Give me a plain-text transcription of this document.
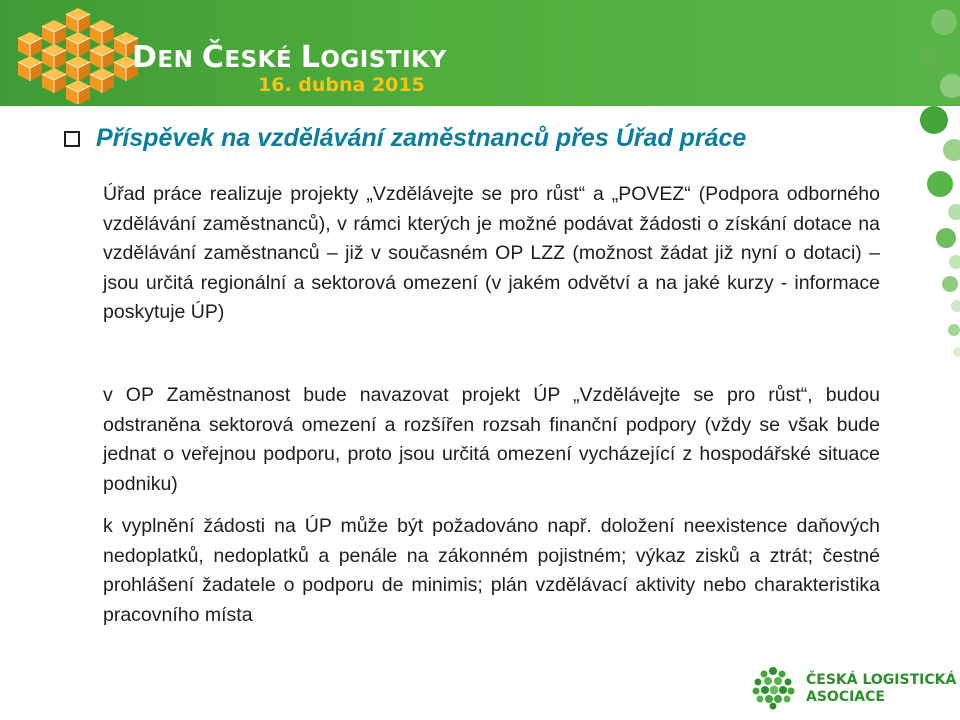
DEN ČESKÉ LOGISTIKY
16. dubna 2015
Příspěvek na vzdělávání zaměstnanců přes Úřad práce

Úřad práce realizuje projekty „Vzdělávejte se pro růst“ a „POVEZ“ (Podpora odborného vzdělávání zaměstnanců), v rámci kterých je možné podávat žádosti o získání dotace na vzdělávání zaměstnanců – již v současném OP LZZ (možnost žádat již nyní o dotaci) – jsou určitá regionální a sektorová omezení (v jakém odvětví a na jaké kurzy - informace poskytuje ÚP)

v OP Zaměstnanost bude navazovat projekt ÚP „Vzdělávejte se pro růst“, budou odstraněna sektorová omezení a rozšířen rozsah finanční podpory (vždy se však bude jednat o veřejnou podporu, proto jsou určitá omezení vycházející z hospodářské situace podniku)

k vyplnění žádosti na ÚP může být požadováno např. doložení neexistence daňových nedoplatků, nedoplatků a penále na zákonném pojistném; výkaz zisků a ztrát; čestné prohlášení žadatele o podporu de minimis; plán vzdělávací aktivity nebo charakteristika pracovního místa

ČESKÁ LOGISTICKÁ
ASOCIACE
